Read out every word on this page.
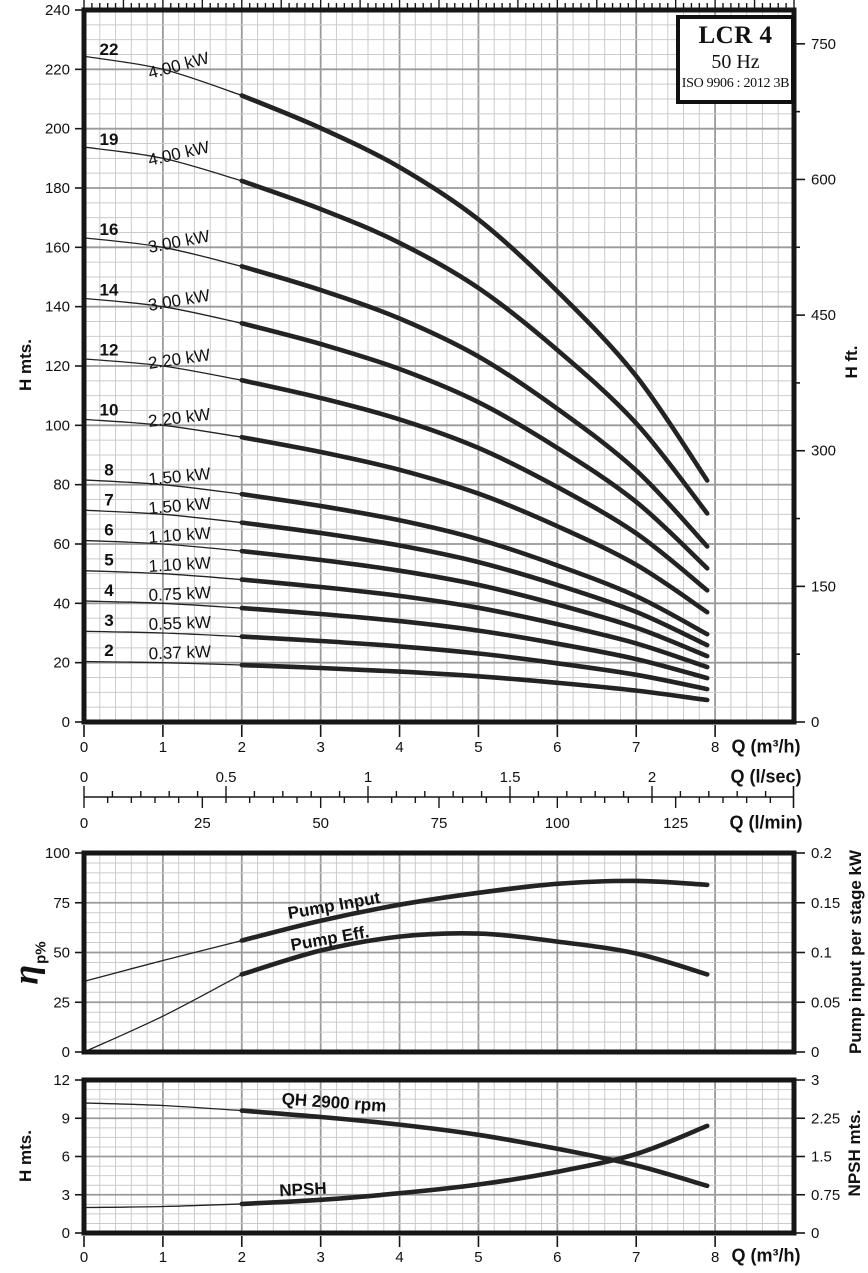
0
20
40
60
80
100
120
140
160
180
200
220
240
0
150
300
450
600
750
0	1	2	3	4	5	6	7	8
22 4.00 kW
19 4.00 kW
16 3.00 kW
14 3.00 kW
12 2.20 kW
10 2.20 kW
8 1.50 kW
7 1.50 kW
6 1.10 kW
5 1.10 kW
4 0.75 kW
3 0.55 kW
2 0.37 kW
0	0.5	1	1.5	2
0	25	50	75	100	125
0
25
50
75
100
0
0.05
0.1
0.15
0.2
0
3
6
9
12
0
0.75
1.5
2.25
3
0	1	2	3	4	5	6	7	8
LCR 4
50 Hz
ISO 9906 : 2012 3B
H mts.	H ft.
Q (m³/h)
Q (l/sec)
Q (l/min)
ηp%	Pump input per stage kW
H mts.	NPSH mts.
Q (m³/h)
Pump Input
Pump Eff.
QH 2900 rpm
NPSH
